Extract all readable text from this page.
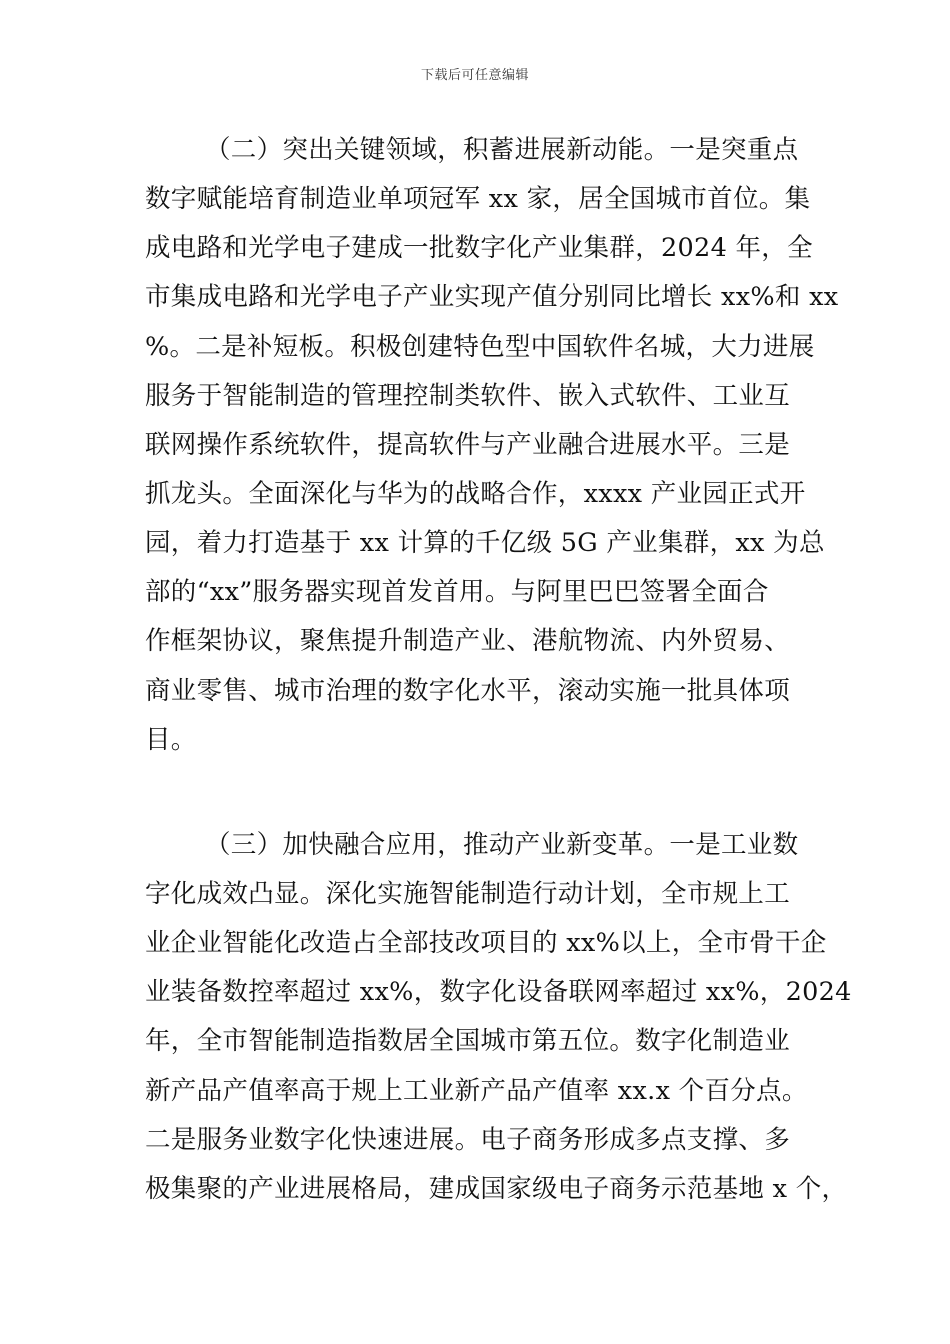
下载后可任意编辑
（二）突出关键领域，积蓄进展新动能。一是突重点
数字赋能培育制造业单项冠军 xx 家，居全国城市首位。集
成电路和光学电子建成一批数字化产业集群，2024 年，全
市集成电路和光学电子产业实现产值分别同比增长 xx%和 xx
%。二是补短板。积极创建特色型中国软件名城，大力进展
服务于智能制造的管理控制类软件、嵌入式软件、工业互
联网操作系统软件，提高软件与产业融合进展水平。三是
抓龙头。全面深化与华为的战略合作，xxxx 产业园正式开
园，着力打造基于 xx 计算的千亿级 5G 产业集群，xx 为总
部的“xx”服务器实现首发首用。与阿里巴巴签署全面合
作框架协议，聚焦提升制造产业、港航物流、内外贸易、
商业零售、城市治理的数字化水平，滚动实施一批具体项
目。
（三）加快融合应用，推动产业新变革。一是工业数
字化成效凸显。深化实施智能制造行动计划，全市规上工
业企业智能化改造占全部技改项目的 xx%以上，全市骨干企
业装备数控率超过 xx%，数字化设备联网率超过 xx%，2024
年，全市智能制造指数居全国城市第五位。数字化制造业
新产品产值率高于规上工业新产品产值率 xx.x 个百分点。
二是服务业数字化快速进展。电子商务形成多点支撑、多
极集聚的产业进展格局，建成国家级电子商务示范基地 x 个，
